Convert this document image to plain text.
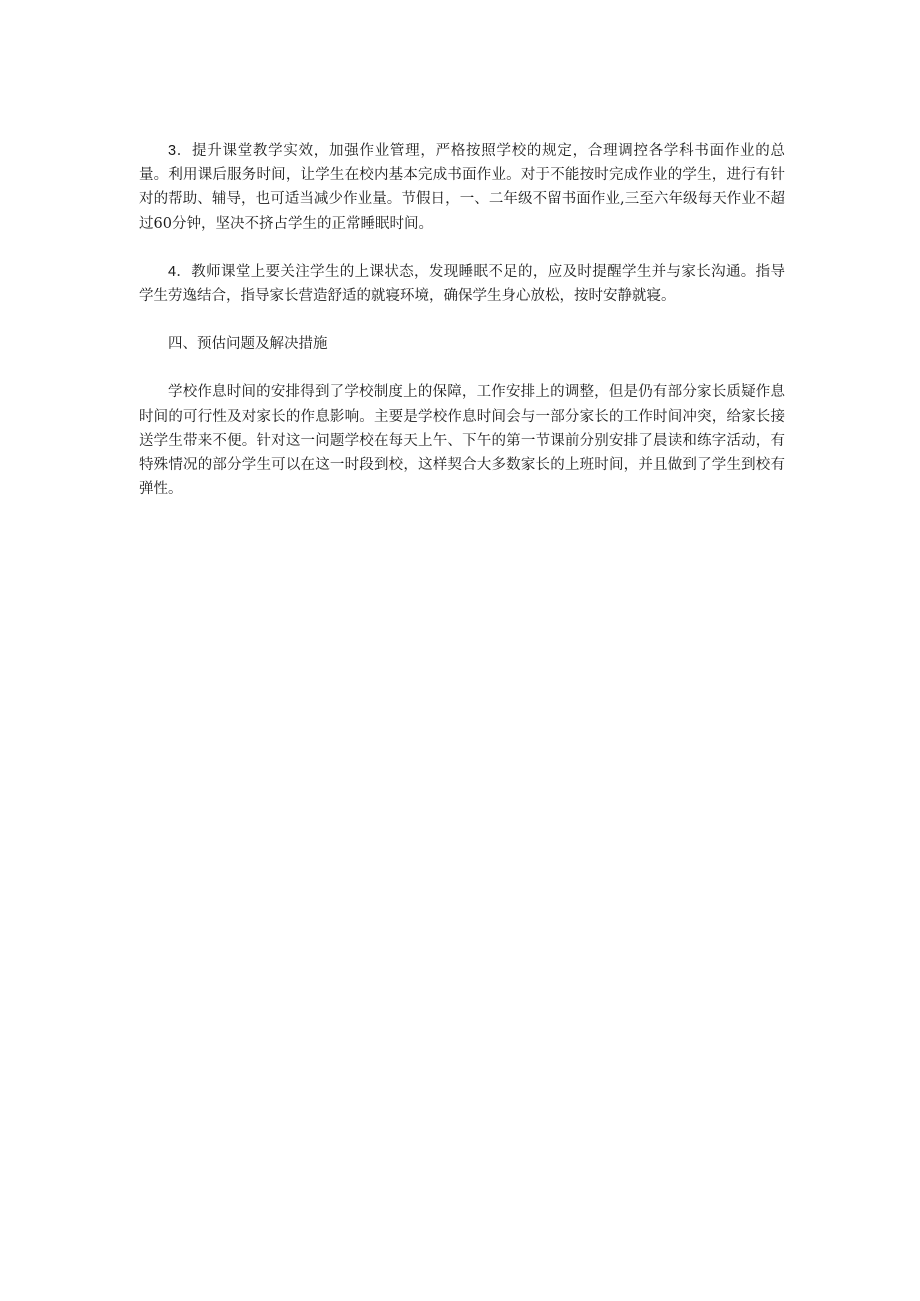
3．提升课堂教学实效，加强作业管理，严格按照学校的规定，合理调控各学科书面作业的总量。利用课后服务时间，让学生在校内基本完成书面作业。对于不能按时完成作业的学生，进行有针对的帮助、辅导，也可适当减少作业量。节假日，一、二年级不留书面作业,三至六年级每天作业不超过60分钟，坚决不挤占学生的正常睡眠时间。

4．教师课堂上要关注学生的上课状态，发现睡眠不足的，应及时提醒学生并与家长沟通。指导学生劳逸结合，指导家长营造舒适的就寝环境，确保学生身心放松，按时安静就寝。

四、预估问题及解决措施

学校作息时间的安排得到了学校制度上的保障，工作安排上的调整，但是仍有部分家长质疑作息时间的可行性及对家长的作息影响。主要是学校作息时间会与一部分家长的工作时间冲突，给家长接送学生带来不便。针对这一问题学校在每天上午、下午的第一节课前分别安排了晨读和练字活动，有特殊情况的部分学生可以在这一时段到校，这样契合大多数家长的上班时间，并且做到了学生到校有弹性。
